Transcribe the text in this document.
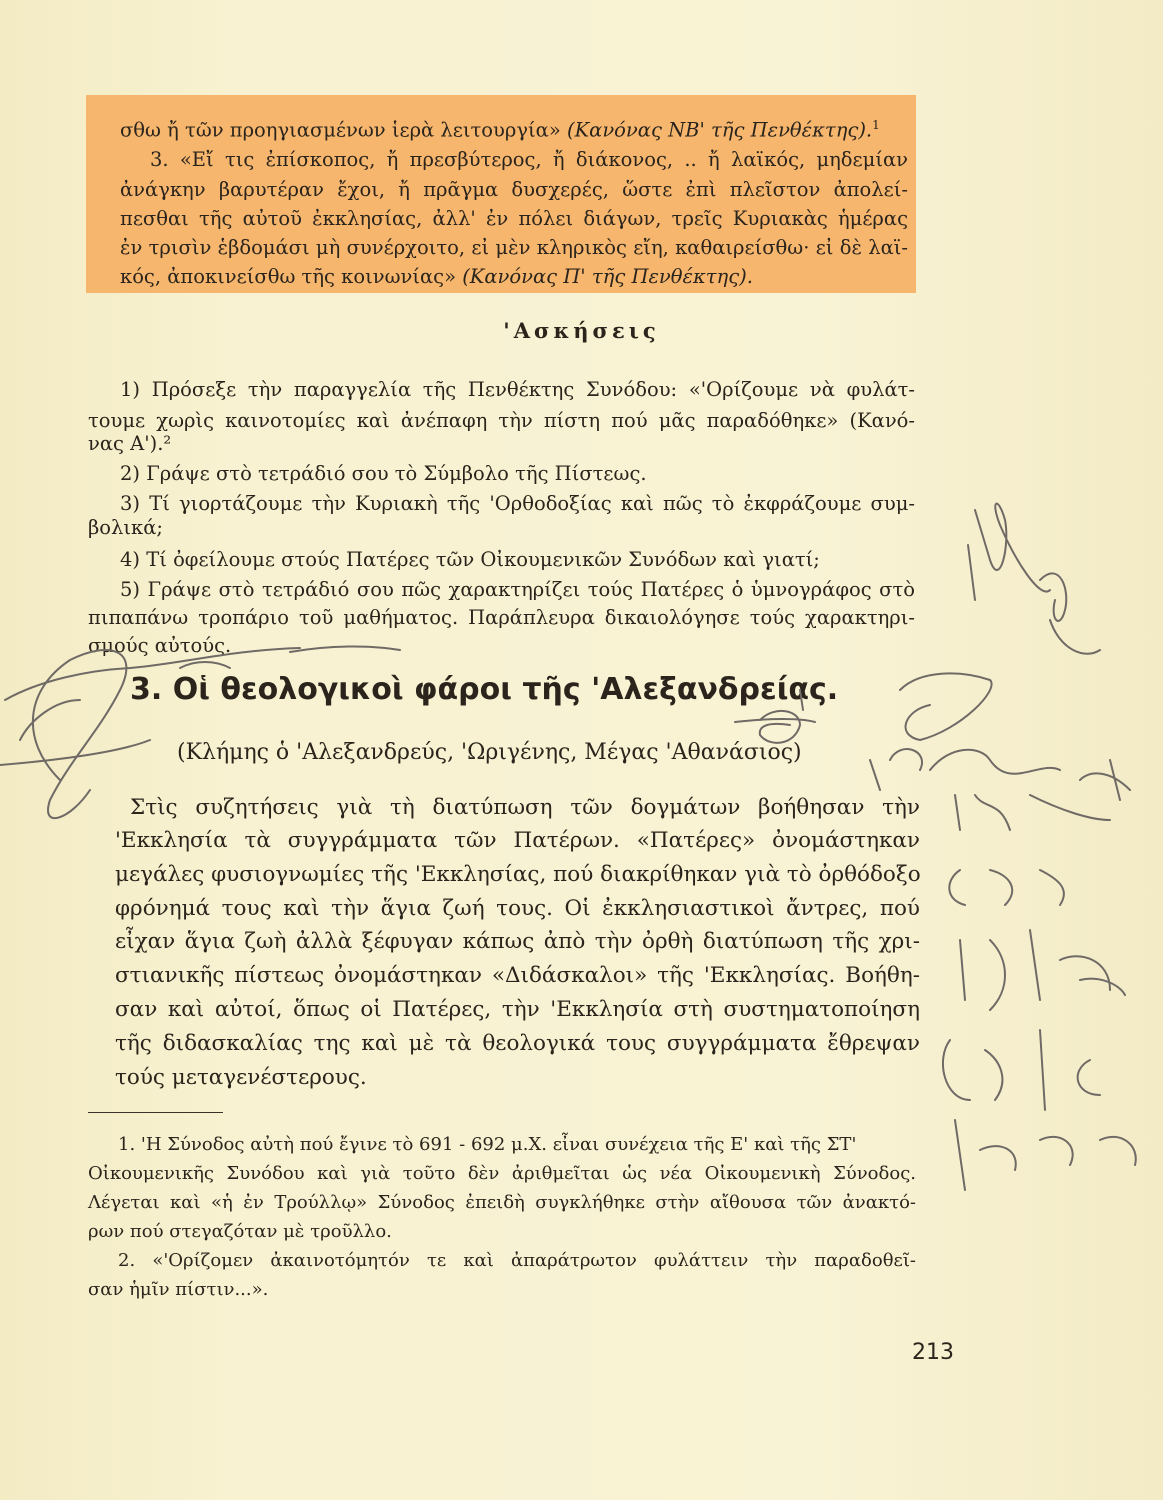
σθω ἤ τῶν προηγιασμένων ἱερὰ λειτουργία» (Κανόνας ΝΒ' τῆς Πενθέκτης).$^1$
3. «Εἴ τις ἐπίσκοπος, ἤ πρεσβύτερος, ἤ διάκονος, .. ἤ λαϊκός, μηδεμίαν
ἀνάγκην βαρυτέραν ἔχοι, ἤ πρᾶγμα δυσχερές, ὥστε ἐπὶ πλεῖστον ἀπολεί-
πεσθαι τῆς αὐτοῦ ἐκκλησίας, ἀλλ' ἐν πόλει διάγων, τρεῖς Κυριακὰς ἡμέρας
ἐν τρισὶν ἑβδομάσι μὴ συνέρχοιτο, εἰ μὲν κληρικὸς εἴη, καθαιρείσθω· εἰ δὲ λαϊ-
κός, ἀποκινείσθω τῆς κοινωνίας» (Κανόνας Π' τῆς Πενθέκτης).
'Ασκήσεις
1) Πρόσεξε τὴν παραγγελία τῆς Πενθέκτης Συνόδου: «'Ορίζουμε νὰ φυλάτ-
τουμε χωρὶς καινοτομίες καὶ ἀνέπαφη τὴν πίστη πού μᾶς παραδόθηκε» (Κανό-
νας Α').²
2) Γράψε στὸ τετράδιό σου τὸ Σύμβολο τῆς Πίστεως.
3) Τί γιορτάζουμε τὴν Κυριακὴ τῆς 'Ορθοδοξίας καὶ πῶς τὸ ἐκφράζουμε συμ-
βολικά;
4) Τί ὀφείλουμε στούς Πατέρες τῶν Οἰκουμενικῶν Συνόδων καὶ γιατί;
5) Γράψε στὸ τετράδιό σου πῶς χαρακτηρίζει τούς Πατέρες ὁ ὑμνογράφος στὸ
πιπαπάνω τροπάριο τοῦ μαθήματος. Παράπλευρα δικαιολόγησε τούς χαρακτηρι-
σμούς αὐτούς.
3. Οἱ θεολογικοὶ φάροι τῆς 'Αλεξανδρείας.
(Κλήμης ὁ 'Αλεξανδρεύς, 'Ωριγένης, Μέγας 'Αθανάσιος)
Στὶς συζητήσεις γιὰ τὴ διατύπωση τῶν δογμάτων βοήθησαν τὴν
'Εκκλησία τὰ συγγράμματα τῶν Πατέρων. «Πατέρες» ὀνομάστηκαν
μεγάλες φυσιογνωμίες τῆς 'Εκκλησίας, πού διακρίθηκαν γιὰ τὸ ὀρθόδοξο
φρόνημά τους καὶ τὴν ἅγια ζωή τους. Οἱ ἐκκλησιαστικοὶ ἄντρες, πού
εἶχαν ἅγια ζωὴ ἀλλὰ ξέφυγαν κάπως ἀπὸ τὴν ὀρθὴ διατύπωση τῆς χρι-
στιανικῆς πίστεως ὀνομάστηκαν «Διδάσκαλοι» τῆς 'Εκκλησίας. Βοήθη-
σαν καὶ αὐτοί, ὅπως οἱ Πατέρες, τὴν 'Εκκλησία στὴ συστηματοποίηση
τῆς διδασκαλίας της καὶ μὲ τὰ θεολογικά τους συγγράμματα ἔθρεψαν
τούς μεταγενέστερους.
1. 'Η Σύνοδος αὐτὴ πού ἔγινε τὸ 691 - 692 μ.Χ. εἶναι συνέχεια τῆς Ε' καὶ τῆς ΣΤ'
Οἰκουμενικῆς Συνόδου καὶ γιὰ τοῦτο δὲν ἀριθμεῖται ὡς νέα Οἰκουμενικὴ Σύνοδος.
Λέγεται καὶ «ἡ ἐν Τρούλλῳ» Σύνοδος ἐπειδὴ συγκλήθηκε στὴν αἴθουσα τῶν ἀνακτό-
ρων πού στεγαζόταν μὲ τροῦλλο.
2. «'Ορίζομεν ἀκαινοτόμητόν τε καὶ ἀπαράτρωτον φυλάττειν τὴν παραδοθεῖ-
σαν ἡμῖν πίστιν...».
213
